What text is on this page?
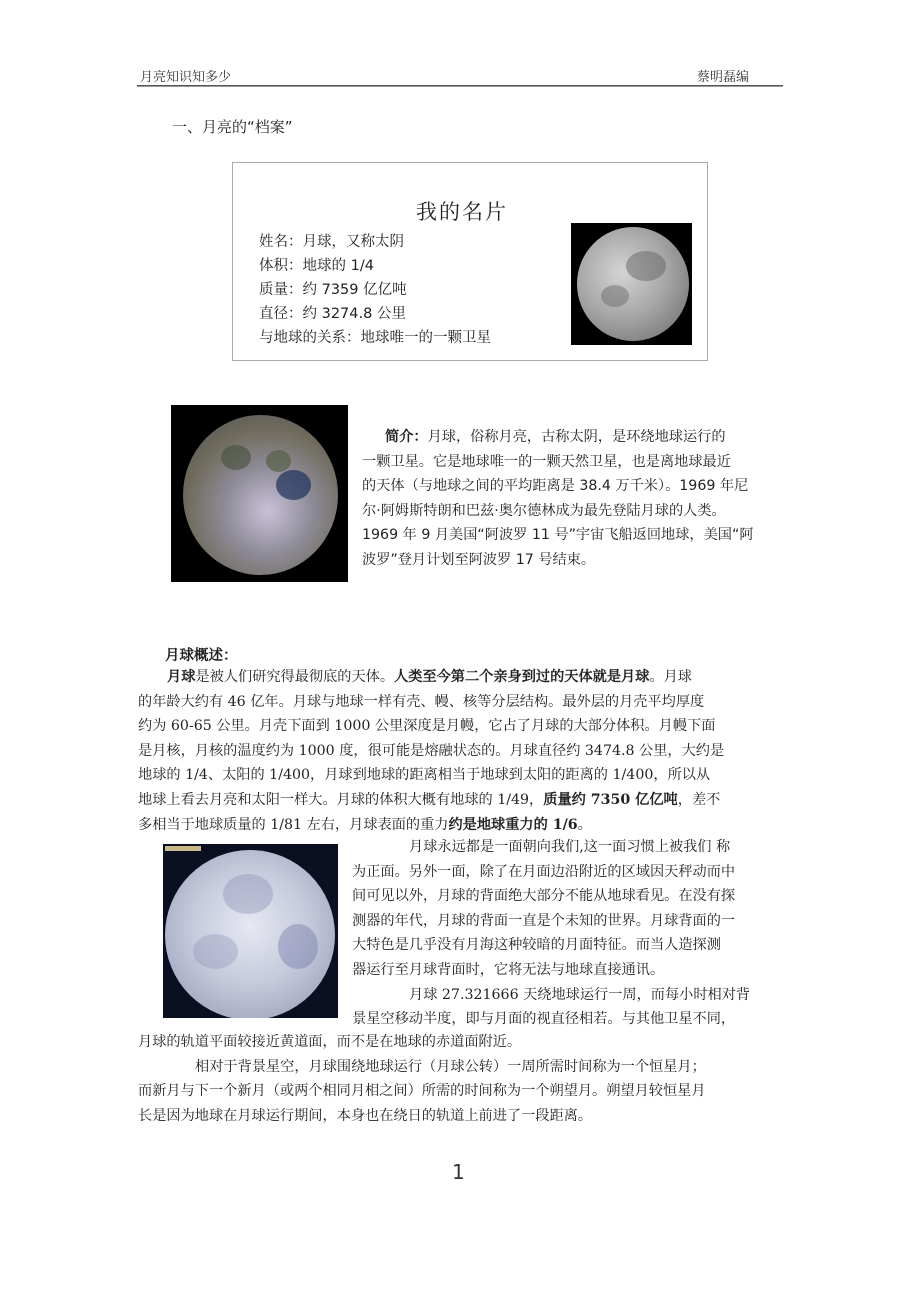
月亮知识知多少	蔡明磊编
一、月亮的“档案”
我的名片
姓名：月球，又称太阴
体积：地球的 1/4
质量：约 7359 亿亿吨
直径：约 3274.8 公里
与地球的关系：地球唯一的一颗卫星
简介：月球，俗称月亮，古称太阴，是环绕地球运行的
一颗卫星。它是地球唯一的一颗天然卫星，也是离地球最近
的天体（与地球之间的平均距离是 38.4 万千米）。1969 年尼
尔·阿姆斯特朗和巴兹·奥尔德林成为最先登陆月球的人类。
1969 年 9 月美国“阿波罗 11 号”宇宙飞船返回地球，美国“阿
波罗”登月计划至阿波罗 17 号结束。
月球概述：
月球是被人们研究得最彻底的天体。人类至今第二个亲身到过的天体就是月球。月球
的年龄大约有 46 亿年。月球与地球一样有壳、幔、核等分层结构。最外层的月壳平均厚度
约为 60-65 公里。月壳下面到 1000 公里深度是月幔，它占了月球的大部分体积。月幔下面
是月核，月核的温度约为 1000 度，很可能是熔融状态的。月球直径约 3474.8 公里，大约是
地球的 1/4、太阳的 1/400，月球到地球的距离相当于地球到太阳的距离的 1/400，所以从
地球上看去月亮和太阳一样大。月球的体积大概有地球的 1/49，质量约 7350 亿亿吨，差不
多相当于地球质量的 1/81 左右，月球表面的重力约是地球重力的 1/6。
月球永远都是一面朝向我们,这一面习惯上被我们 称
为正面。另外一面，除了在月面边沿附近的区域因天秤动而中
间可见以外，月球的背面绝大部分不能从地球看见。在没有探
测器的年代，月球的背面一直是个未知的世界。月球背面的一
大特色是几乎没有月海这种较暗的月面特征。而当人造探测
器运行至月球背面时，它将无法与地球直接通讯。
月球 27.321666 天绕地球运行一周，而每小时相对背
景星空移动半度，即与月面的视直径相若。与其他卫星不同，
月球的轨道平面较接近黄道面，而不是在地球的赤道面附近。
相对于背景星空，月球围绕地球运行（月球公转）一周所需时间称为一个恒星月；
而新月与下一个新月（或两个相同月相之间）所需的时间称为一个朔望月。朔望月较恒星月
长是因为地球在月球运行期间，本身也在绕日的轨道上前进了一段距离。
1
